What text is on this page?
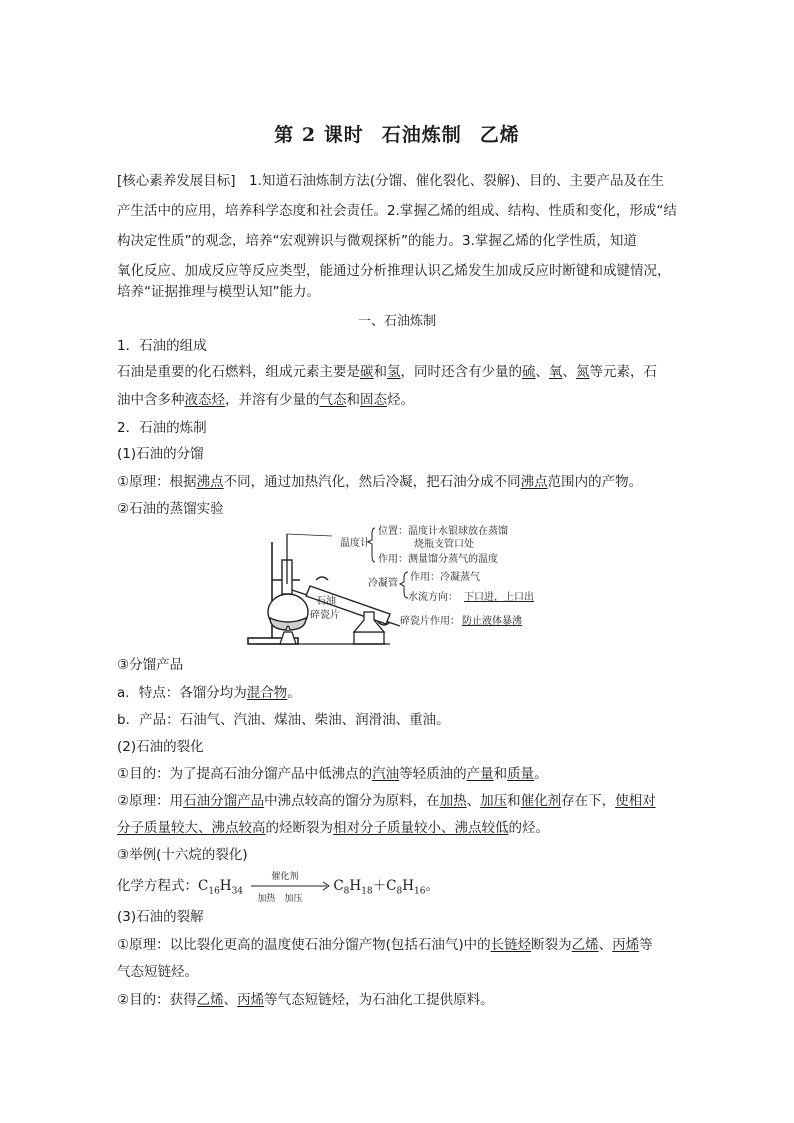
第 2 课时 石油炼制 乙烯
[核心素养发展目标]　1.知道石油炼制方法(分馏、催化裂化、裂解)、目的、主要产品及在生
产生活中的应用，培养科学态度和社会责任。2.掌握乙烯的组成、结构、性质和变化，形成“结
构决定性质”的观念，培养“宏观辨识与微观探析”的能力。3.掌握乙烯的化学性质，知道
氧化反应、加成反应等反应类型，能通过分析推理认识乙烯发生加成反应时断键和成键情况，
培养“证据推理与模型认知”能力。
一、石油炼制
1．石油的组成
石油是重要的化石燃料，组成元素主要是碳和氢，同时还含有少量的硫、氧、氮等元素，石
油中含多种液态烃，并溶有少量的气态和固态烃。
2．石油的炼制
(1)石油的分馏
①原理：根据沸点不同，通过加热汽化，然后冷凝，把石油分成不同沸点范围内的产物。
②石油的蒸馏实验
温度计
位置：温度计水银球放在蒸馏
烧瓶支管口处
作用：测量馏分蒸气的温度
冷凝管
作用：冷凝蒸气
水流方向： 下口进，上口出
石油
碎瓷片
碎瓷片作用： 防止液体暴沸
③分馏产品
a．特点：各馏分均为混合物。
b．产品：石油气、汽油、煤油、柴油、润滑油、重油。
(2)石油的裂化
①目的：为了提高石油分馏产品中低沸点的汽油等轻质油的产量和质量。
②原理：用石油分馏产品中沸点较高的馏分为原料，在加热、加压和催化剂存在下，使相对
分子质量较大、沸点较高的烃断裂为相对分子质量较小、沸点较低的烃。
③举例(十六烷的裂化)
化学方程式：$C_{16}H_{34}$
催化剂
加热　加压
$C_8H_{18}+C_8H_{16}$。
(3)石油的裂解
①原理：以比裂化更高的温度使石油分馏产物(包括石油气)中的长链烃断裂为乙烯、丙烯等
气态短链烃。
②目的：获得乙烯、丙烯等气态短链烃，为石油化工提供原料。
